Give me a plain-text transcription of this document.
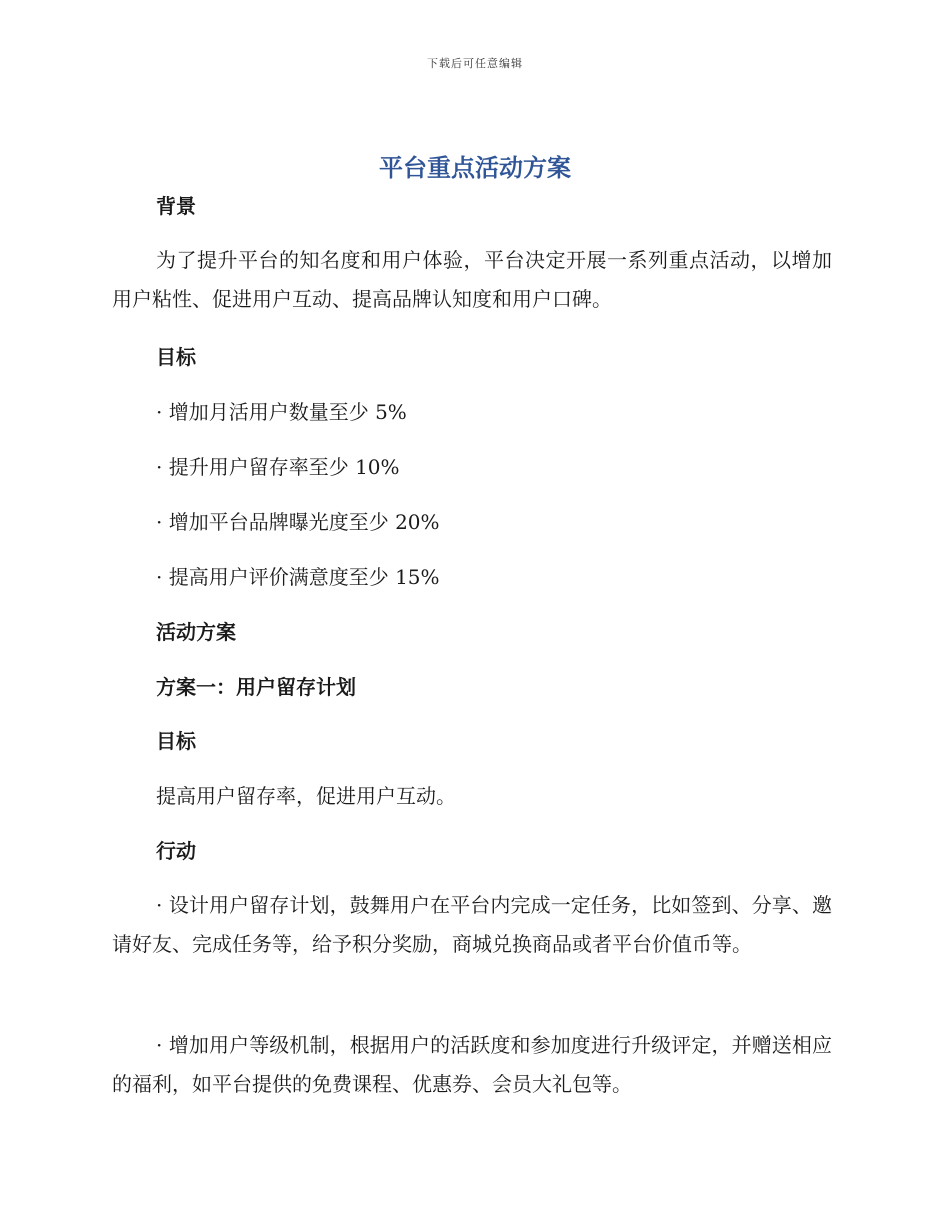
下载后可任意编辑
平台重点活动方案
背景

为了提升平台的知名度和用户体验，平台决定开展一系列重点活动，以增加用户粘性、促进用户互动、提高品牌认知度和用户口碑。

目标
· 增加月活用户数量至少 5%
· 提升用户留存率至少 10%
· 增加平台品牌曝光度至少 20%
· 提高用户评价满意度至少 15%
活动方案
方案一：用户留存计划
目标
提高用户留存率，促进用户互动。
行动

· 设计用户留存计划，鼓舞用户在平台内完成一定任务，比如签到、分享、邀请好友、完成任务等，给予积分奖励，商城兑换商品或者平台价值币等。

· 增加用户等级机制，根据用户的活跃度和参加度进行升级评定，并赠送相应的福利，如平台提供的免费课程、优惠券、会员大礼包等。
